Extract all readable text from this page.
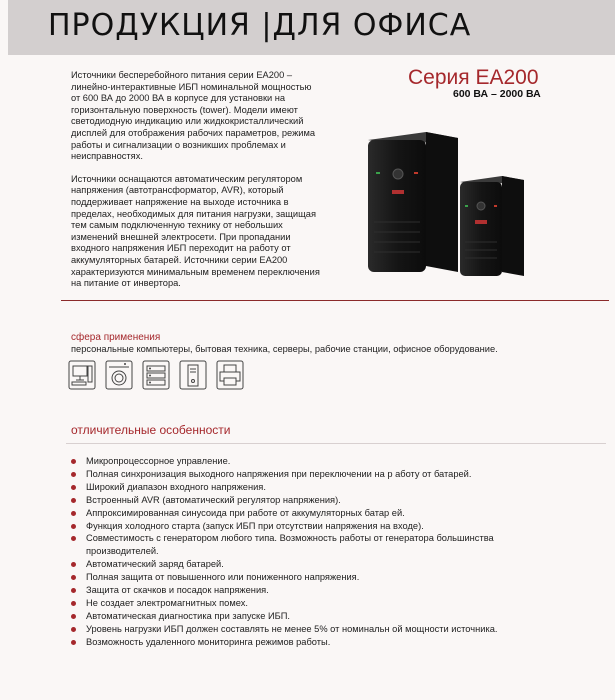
ПРОДУКЦИЯ |ДЛЯ ОФИСА

Источники бесперебойного питания серии EA200 – линейно-интерактивные ИБП номинальной мощностью от 600 ВА до 2000 ВА в корпусе для установки на горизонтальную поверхность (tower). Модели имеют светодиодную индикацию или жидкокристаллический дисплей для отображения рабочих параметров, режима работы и сигнализации о возникших проблемах и неисправностях.

Источники оснащаются автоматическим регулятором напряжения (автотрансформатор, AVR), который поддерживает напряжение на выходе источника в пределах, необходимых для питания нагрузки, защищая тем самым подключенную технику от небольших изменений внешней электросети. При пропадании входного напряжения ИБП переходит на работу от аккумуляторных батарей. Источники серии EA200 характеризуются минимальным временем переключения на питание от инвертора.

Серия EA200
600 ВА – 2000 ВА
сфера применения
персональные компьютеры, бытовая техника, серверы, рабочие станции, офисное оборудование.
отличительные особенности
Микропроцессорное управление.
Полная синхронизация выходного напряжения при переключении на р аботу от батарей.
Широкий диапазон входного напряжения.
Встроенный AVR (автоматический регулятор напряжения).
Аппроксимированная синусоида при работе от аккумуляторных батар ей.
Функция холодного старта (запуск ИБП при отсутствии напряжения на входе).
Совместимость с генератором любого типа. Возможность работы от генератора большинства производителей.
Автоматический заряд батарей.
Полная защита от повышенного или пониженного напряжения.
Защита от скачков и посадок напряжения.
Не создает электромагнитных помех.
Автоматическая диагностика при запуске ИБП.
Уровень нагрузки ИБП должен составлять не менее 5% от номинальн ой мощности источника.
Возможность удаленного мониторинга режимов работы.
